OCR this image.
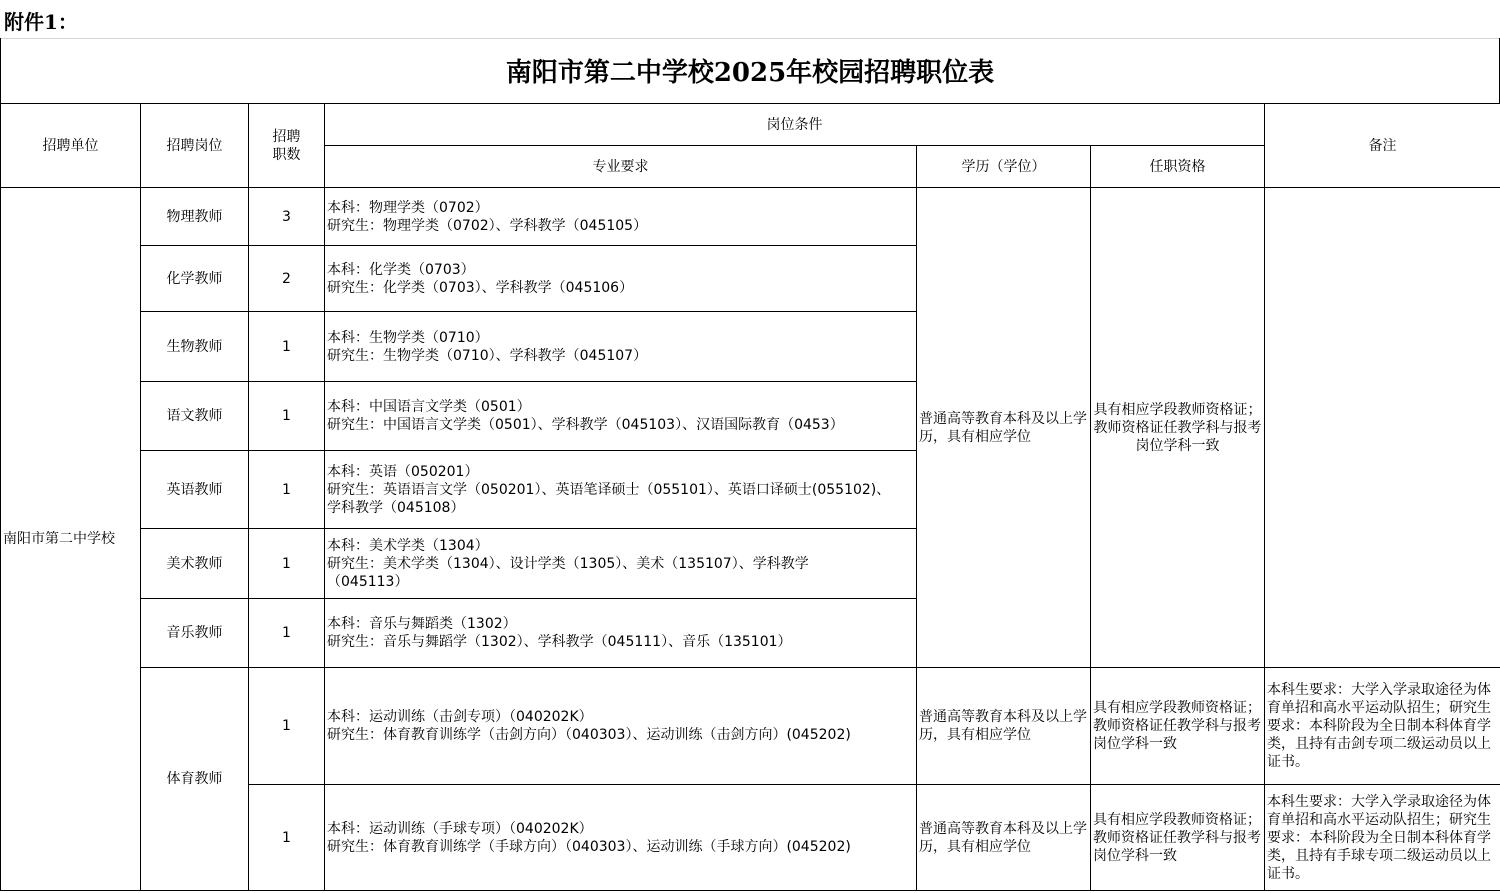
附件1：
南阳市第二中学校2025年校园招聘职位表
招聘单位	招聘岗位	招聘职数	岗位条件			备注
			专业要求	学历（学位）	任职资格	
南阳市第二中学校	物理教师	3	本科：物理学类（0702）
研究生：物理学类（0702）、学科教学（045105）	普通高等教育本科及以上学历，具有相应学位	具有相应学段教师资格证；教师资格证任教学科与报考岗位学科一致	
	化学教师	2	本科：化学类（0703）
研究生：化学类（0703）、学科教学（045106）			

	生物教师	1	本科：生物学类（0710）
研究生：生物学类（0710）、学科教学（045107）			

	语文教师	1	本科：中国语言文学类（0501）
研究生：中国语言文学类（0501）、学科教学（045103）、汉语国际教育（0453）			

	英语教师	1	本科：英语（050201）
研究生：英语语言文学（050201）、英语笔译硕士（055101）、英语口译硕士(055102)、
学科教学（045108）			

	美术教师	1	本科：美术学类（1304）
研究生：美术学类（1304）、设计学类（1305）、美术（135107）、学科教学
（045113）			

	音乐教师	1	本科：音乐与舞蹈类（1302）
研究生：音乐与舞蹈学（1302）、学科教学（045111）、音乐（135101）			

	体育教师	1	本科：运动训练（击剑专项）（040202K）
研究生：体育教育训练学（击剑方向）（040303）、运动训练（击剑方向）(045202)	普通高等教育本科及以上学历，具有相应学位	具有相应学段教师资格证；教师资格证任教学科与报考岗位学科一致	本科生要求：大学入学录取途径为体育单招和高水平运动队招生；研究生要求：本科阶段为全日制本科体育学类，且持有击剑专项二级运动员以上证书。
		1	本科：运动训练（手球专项）（040202K）
研究生：体育教育训练学（手球方向）（040303）、运动训练（手球方向）(045202)	普通高等教育本科及以上学历，具有相应学位	具有相应学段教师资格证；教师资格证任教学科与报考岗位学科一致	本科生要求：大学入学录取途径为体育单招和高水平运动队招生；研究生要求：本科阶段为全日制本科体育学类，且持有手球专项二级运动员以上证书。
